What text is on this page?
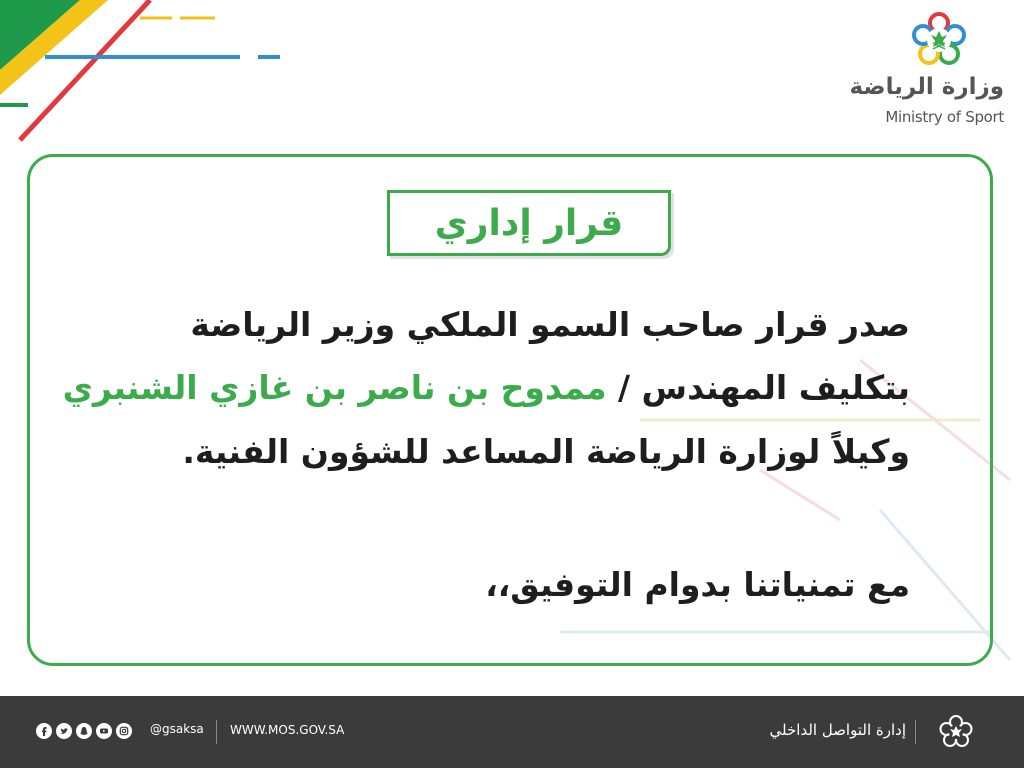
وزارة الرياضة
Ministry of Sport
قرار إداري
صدر قرار صاحب السمو الملكي وزير الرياضة
بتكليف المهندس / ممدوح بن ناصر بن غازي الشنبري
وكيلاً لوزارة الرياضة المساعد للشؤون الفنية.
مع تمنياتنا بدوام التوفيق،،
إدارة التواصل الداخلي
WWW.MOS.GOV.SA
@gsaksa
